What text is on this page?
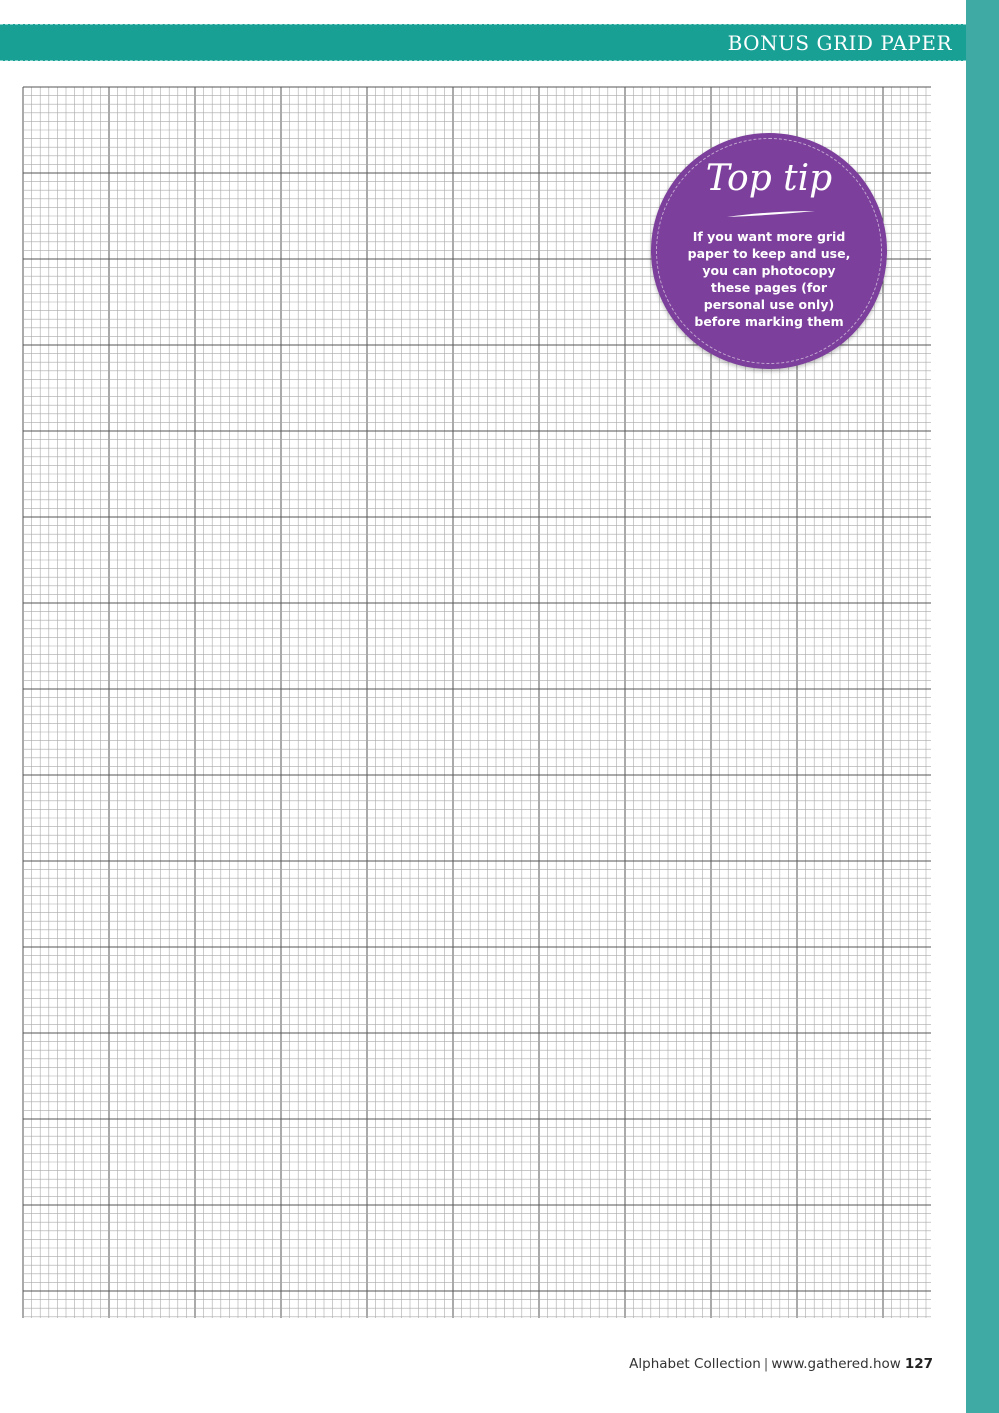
BONUS GRID PAPER
Top tip
If you want more grid
paper to keep and use,
you can photocopy
these pages (for
personal use only)
before marking them
Alphabet Collection | www.gathered.how 127
